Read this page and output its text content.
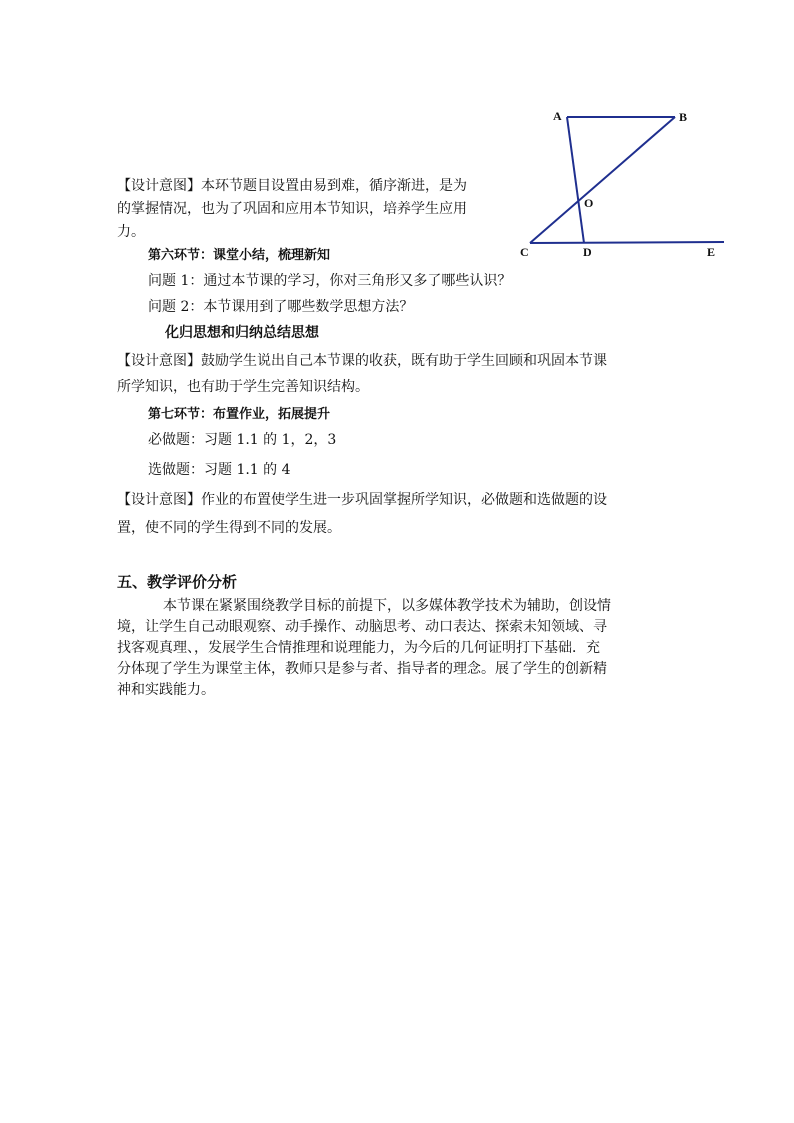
A	B
O
C	D	E
【设计意图】本环节题目设置由易到难，循序渐进，是为
的掌握情况，也为了巩固和应用本节知识，培养学生应用
力。
第六环节：课堂小结，梳理新知
问题 1：通过本节课的学习，你对三角形又多了哪些认识？
问题 2：本节课用到了哪些数学思想方法？
化归思想和归纳总结思想
【设计意图】鼓励学生说出自己本节课的收获，既有助于学生回顾和巩固本节课
所学知识，也有助于学生完善知识结构。
第七环节：布置作业，拓展提升
必做题：习题 1.1 的 1，2，3
选做题：习题 1.1 的 4
【设计意图】作业的布置使学生进一步巩固掌握所学知识，必做题和选做题的设
置，使不同的学生得到不同的发展。
五、教学评价分析
本节课在紧紧围绕教学目标的前提下，以多媒体教学技术为辅助，创设情
境，让学生自己动眼观察、动手操作、动脑思考、动口表达、探索未知领域、寻
找客观真理、，发展学生合情推理和说理能力，为今后的几何证明打下基础．充
分体现了学生为课堂主体，教师只是参与者、指导者的理念。展了学生的创新精
神和实践能力。
